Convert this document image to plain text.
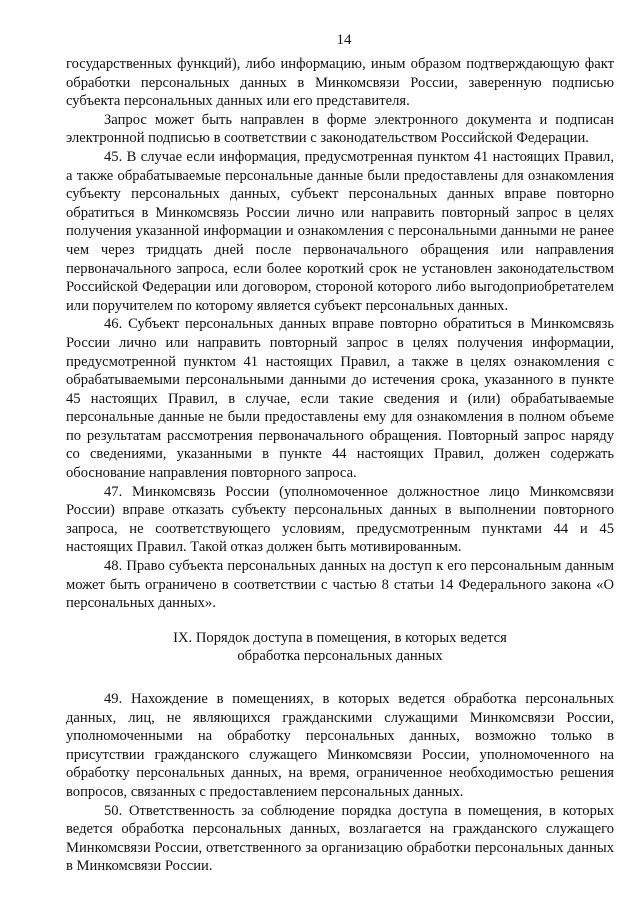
14

государственных функций), либо информацию, иным образом подтверждающую факт обработки персональных данных в Минкомсвязи России, заверенную подписью субъекта персональных данных или его представителя.

Запрос может быть направлен в форме электронного документа и подписан электронной подписью в соответствии с законодательством Российской Федерации.

45. В случае если информация, предусмотренная пунктом 41 настоящих Правил, а также обрабатываемые персональные данные были предоставлены для ознакомления субъекту персональных данных, субъект персональных данных вправе повторно обратиться в Минкомсвязь России лично или направить повторный запрос в целях получения указанной информации и ознакомления с персональными данными не ранее чем через тридцать дней после первоначального обращения или направления первоначального запроса, если более короткий срок не установлен законодательством Российской Федерации или договором, стороной которого либо выгодоприобретателем или поручителем по которому является субъект персональных данных.

46. Субъект персональных данных вправе повторно обратиться в Минкомсвязь России лично или направить повторный запрос в целях получения информации, предусмотренной пунктом 41 настоящих Правил, а также в целях ознакомления с обрабатываемыми персональными данными до истечения срока, указанного в пункте 45 настоящих Правил, в случае, если такие сведения и (или) обрабатываемые персональные данные не были предоставлены ему для ознакомления в полном объеме по результатам рассмотрения первоначального обращения. Повторный запрос наряду со сведениями, указанными в пункте 44 настоящих Правил, должен содержать обоснование направления повторного запроса.

47. Минкомсвязь России (уполномоченное должностное лицо Минкомсвязи России) вправе отказать субъекту персональных данных в выполнении повторного запроса, не соответствующего условиям, предусмотренным пунктами 44 и 45 настоящих Правил. Такой отказ должен быть мотивированным.

48. Право субъекта персональных данных на доступ к его персональным данным может быть ограничено в соответствии с частью 8 статьи 14 Федерального закона «О персональных данных».

IX. Порядок доступа в помещения, в которых ведется
обработка персональных данных

49. Нахождение в помещениях, в которых ведется обработка персональных данных, лиц, не являющихся гражданскими служащими Минкомсвязи России, уполномоченными на обработку персональных данных, возможно только в присутствии гражданского служащего Минкомсвязи России, уполномоченного на обработку персональных данных, на время, ограниченное необходимостью решения вопросов, связанных с предоставлением персональных данных.

50. Ответственность за соблюдение порядка доступа в помещения, в которых ведется обработка персональных данных, возлагается на гражданского служащего Минкомсвязи России, ответственного за организацию обработки персональных данных в Минкомсвязи России.
